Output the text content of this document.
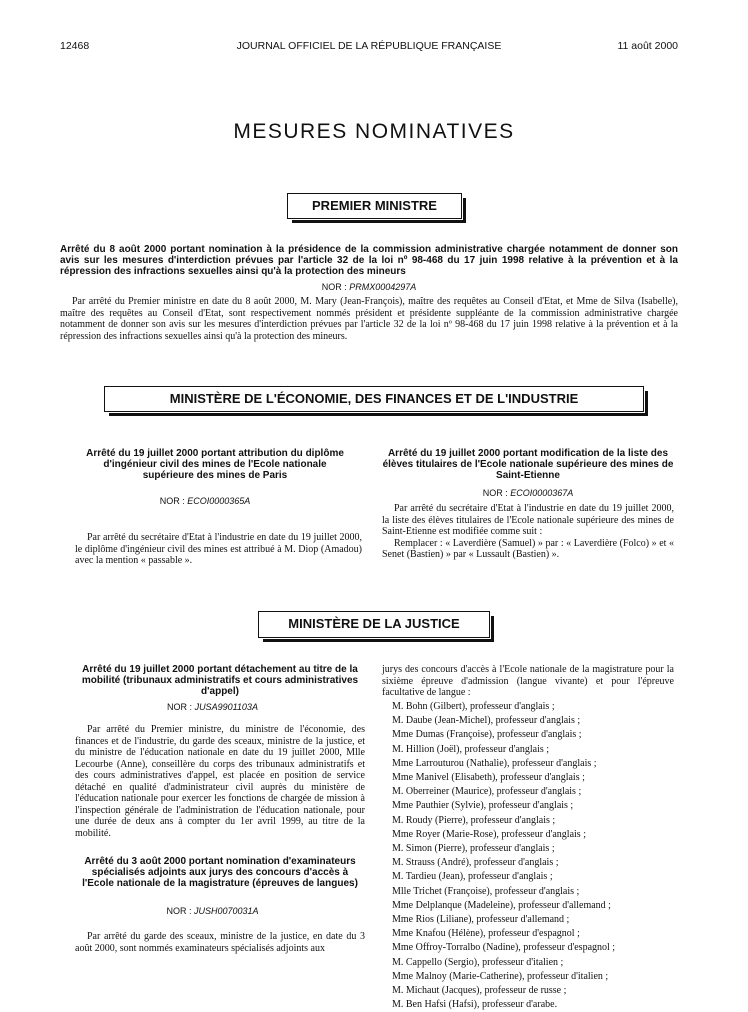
12468	JOURNAL OFFICIEL DE LA RÉPUBLIQUE FRANÇAISE	11 août 2000
MESURES NOMINATIVES
PREMIER MINISTRE
Arrêté du 8 août 2000 portant nomination à la présidence de la commission administrative chargée notamment de donner son avis sur les mesures d'interdiction prévues par l'article 32 de la loi nº 98-468 du 17 juin 1998 relative à la prévention et à la répression des infractions sexuelles ainsi qu'à la protection des mineurs
NOR : PRMX0004297A

Par arrêté du Premier ministre en date du 8 août 2000, M. Mary (Jean-François), maître des requêtes au Conseil d'Etat, et Mme de Silva (Isabelle), maître des requêtes au Conseil d'Etat, sont respectivement nommés président et présidente suppléante de la commission administrative chargée notamment de donner son avis sur les mesures d'interdiction prévues par l'article 32 de la loi nº 98-468 du 17 juin 1998 relative à la prévention et à la répression des infractions sexuelles ainsi qu'à la protection des mineurs.

MINISTÈRE DE L'ÉCONOMIE, DES FINANCES ET DE L'INDUSTRIE
Arrêté du 19 juillet 2000 portant attribution du diplôme d'ingénieur civil des mines de l'Ecole nationale supérieure des mines de Paris
NOR : ECOI0000365A

Par arrêté du secrétaire d'Etat à l'industrie en date du 19 juillet 2000, le diplôme d'ingénieur civil des mines est attribué à M. Diop (Amadou) avec la mention « passable ».

Arrêté du 19 juillet 2000 portant modification de la liste des élèves titulaires de l'Ecole nationale supérieure des mines de Saint-Etienne
NOR : ECOI0000367A

Par arrêté du secrétaire d'Etat à l'industrie en date du 19 juillet 2000, la liste des élèves titulaires de l'Ecole nationale supérieure des mines de Saint-Etienne est modifiée comme suit :

Remplacer : « Laverdière (Samuel) » par : « Laverdière (Folco) » et « Senet (Bastien) » par « Lussault (Bastien) ».

MINISTÈRE DE LA JUSTICE
Arrêté du 19 juillet 2000 portant détachement au titre de la mobilité (tribunaux administratifs et cours administratives d'appel)
NOR : JUSA9901103A

Par arrêté du Premier ministre, du ministre de l'économie, des finances et de l'industrie, du garde des sceaux, ministre de la justice, et du ministre de l'éducation nationale en date du 19 juillet 2000, Mlle Lecourbe (Anne), conseillère du corps des tribunaux administratifs et des cours administratives d'appel, est placée en position de service détaché en qualité d'administrateur civil auprès du ministère de l'éducation nationale pour exercer les fonctions de chargée de mission à l'inspection générale de l'administration de l'éducation nationale, pour une durée de deux ans à compter du 1er avril 1999, au titre de la mobilité.

Arrêté du 3 août 2000 portant nomination d'examinateurs spécialisés adjoints aux jurys des concours d'accès à l'Ecole nationale de la magistrature (épreuves de langues)
NOR : JUSH0070031A

Par arrêté du garde des sceaux, ministre de la justice, en date du 3 août 2000, sont nommés examinateurs spécialisés adjoints aux

jurys des concours d'accès à l'Ecole nationale de la magistrature pour la sixième épreuve d'admission (langue vivante) et pour l'épreuve facultative de langue :

M. Bohn (Gilbert), professeur d'anglais ;
M. Daube (Jean-Michel), professeur d'anglais ;
Mme Dumas (Françoise), professeur d'anglais ;
M. Hillion (Joël), professeur d'anglais ;
Mme Larrouturou (Nathalie), professeur d'anglais ;
Mme Manivel (Elisabeth), professeur d'anglais ;
M. Oberreiner (Maurice), professeur d'anglais ;
Mme Pauthier (Sylvie), professeur d'anglais ;
M. Roudy (Pierre), professeur d'anglais ;
Mme Royer (Marie-Rose), professeur d'anglais ;
M. Simon (Pierre), professeur d'anglais ;
M. Strauss (André), professeur d'anglais ;
M. Tardieu (Jean), professeur d'anglais ;
Mlle Trichet (Françoise), professeur d'anglais ;
Mme Delplanque (Madeleine), professeur d'allemand ;
Mme Rios (Liliane), professeur d'allemand ;
Mme Knafou (Hélène), professeur d'espagnol ;
Mme Offroy-Torralbo (Nadine), professeur d'espagnol ;
M. Cappello (Sergio), professeur d'italien ;
Mme Malnoy (Marie-Catherine), professeur d'italien ;
M. Michaut (Jacques), professeur de russe ;
M. Ben Hafsi (Hafsi), professeur d'arabe.
